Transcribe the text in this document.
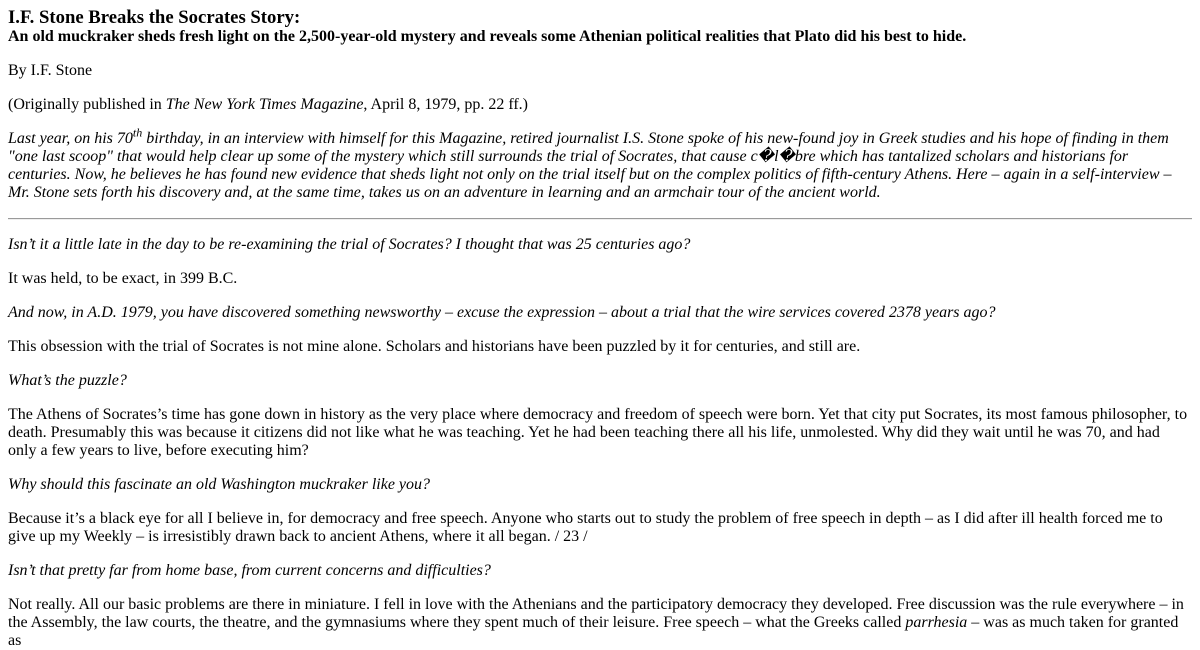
I.F. Stone Breaks the Socrates Story:
An old muckraker sheds fresh light on the 2,500-year-old mystery and reveals some Athenian political realities that Plato did his best to hide.

By I.F. Stone

(Originally published in The New York Times Magazine, April 8, 1979, pp. 22 ff.)

Last year, on his 70th birthday, in an interview with himself for this Magazine, retired journalist I.S. Stone spoke of his new-found joy in Greek studies and his hope of finding in them "one last scoop" that would help clear up some of the mystery which still surrounds the trial of Socrates, that cause c�l�bre which has tantalized scholars and historians for centuries. Now, he believes he has found new evidence that sheds light not only on the trial itself but on the complex politics of fifth-century Athens. Here – again in a self-interview – Mr. Stone sets forth his discovery and, at the same time, takes us on an adventure in learning and an armchair tour of the ancient world.

Isn’t it a little late in the day to be re-examining the trial of Socrates? I thought that was 25 centuries ago?

It was held, to be exact, in 399 B.C.

And now, in A.D. 1979, you have discovered something newsworthy – excuse the expression – about a trial that the wire services covered 2378 years ago?

This obsession with the trial of Socrates is not mine alone. Scholars and historians have been puzzled by it for centuries, and still are.

What’s the puzzle?

The Athens of Socrates’s time has gone down in history as the very place where democracy and freedom of speech were born. Yet that city put Socrates, its most famous philosopher, to death. Presumably this was because it citizens did not like what he was teaching. Yet he had been teaching there all his life, unmolested. Why did they wait until he was 70, and had only a few years to live, before executing him?

Why should this fascinate an old Washington muckraker like you?

Because it’s a black eye for all I believe in, for democracy and free speech. Anyone who starts out to study the problem of free speech in depth – as I did after ill health forced me to give up my Weekly – is irresistibly drawn back to ancient Athens, where it all began. / 23 /

Isn’t that pretty far from home base, from current concerns and difficulties?

Not really. All our basic problems are there in miniature. I fell in love with the Athenians and the participatory democracy they developed. Free discussion was the rule everywhere – in the Assembly, the law courts, the theatre, and the gymnasiums where they spent much of their leisure. Free speech – what the Greeks called parrhesia – was as much taken for granted as
